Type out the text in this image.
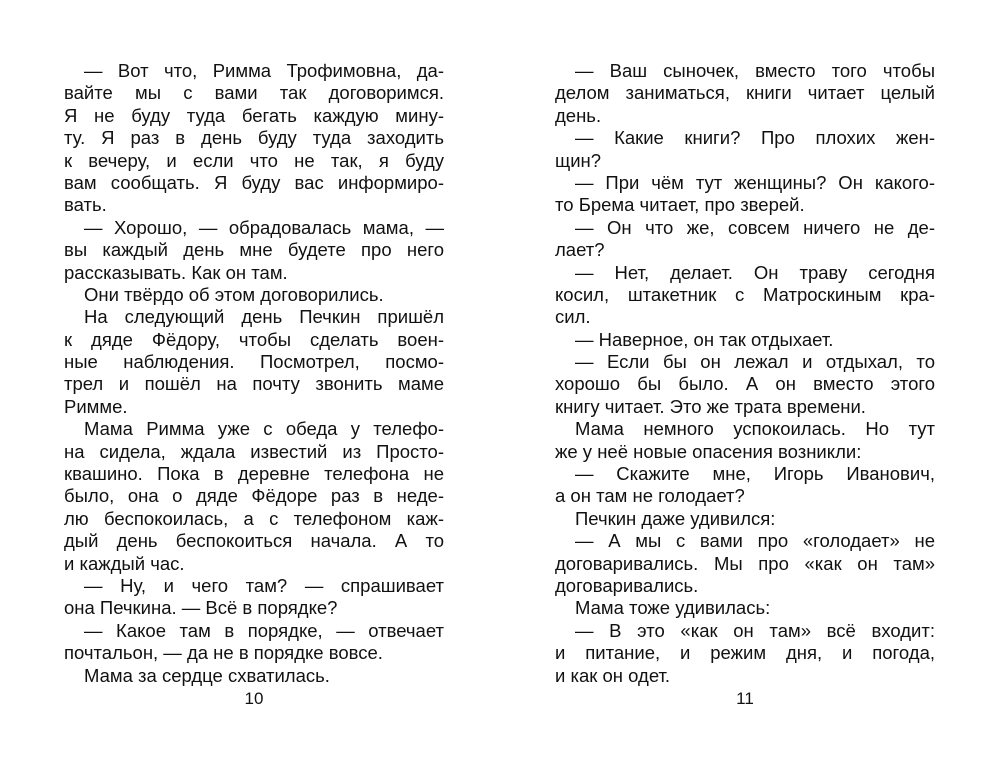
— Вот что, Римма Трофимовна, да-
вайте мы с вами так договоримся.
Я не буду туда бегать каждую мину-
ту. Я раз в день буду туда заходить
к вечеру, и если что не так, я буду
вам сообщать. Я буду вас информиро-
вать.
— Хорошо, — обрадовалась мама, —
вы каждый день мне будете про него
рассказывать. Как он там.
Они твёрдо об этом договорились.
На следующий день Печкин пришёл
к дяде Фёдору, чтобы сделать воен-
ные наблюдения. Посмотрел, посмо-
трел и пошёл на почту звонить маме
Римме.
Мама Римма уже с обеда у телефо-
на сидела, ждала известий из Просто-
квашино. Пока в деревне телефона не
было, она о дяде Фёдоре раз в неде-
лю беспокоилась, а с телефоном каж-
дый день беспокоиться начала. А то
и каждый час.
— Ну, и чего там? — спрашивает
она Печкина. — Всё в порядке?
— Какое там в порядке, — отвечает
почтальон, — да не в порядке вовсе.
Мама за сердце схватилась.
— Ваш сыночек, вместо того чтобы
делом заниматься, книги читает целый
день.
— Какие книги? Про плохих жен-
щин?
— При чём тут женщины? Он какого-
то Брема читает, про зверей.
— Он что же, совсем ничего не де-
лает?
— Нет, делает. Он траву сегодня
косил, штакетник с Матроскиным кра-
сил.
— Наверное, он так отдыхает.
— Если бы он лежал и отдыхал, то
хорошо бы было. А он вместо этого
книгу читает. Это же трата времени.
Мама немного успокоилась. Но тут
же у неё новые опасения возникли:
— Скажите мне, Игорь Иванович,
а он там не голодает?
Печкин даже удивился:
— А мы с вами про «голодает» не
договаривались. Мы про «как он там»
договаривались.
Мама тоже удивилась:
— В это «как он там» всё входит:
и питание, и режим дня, и погода,
и как он одет.
10	11
